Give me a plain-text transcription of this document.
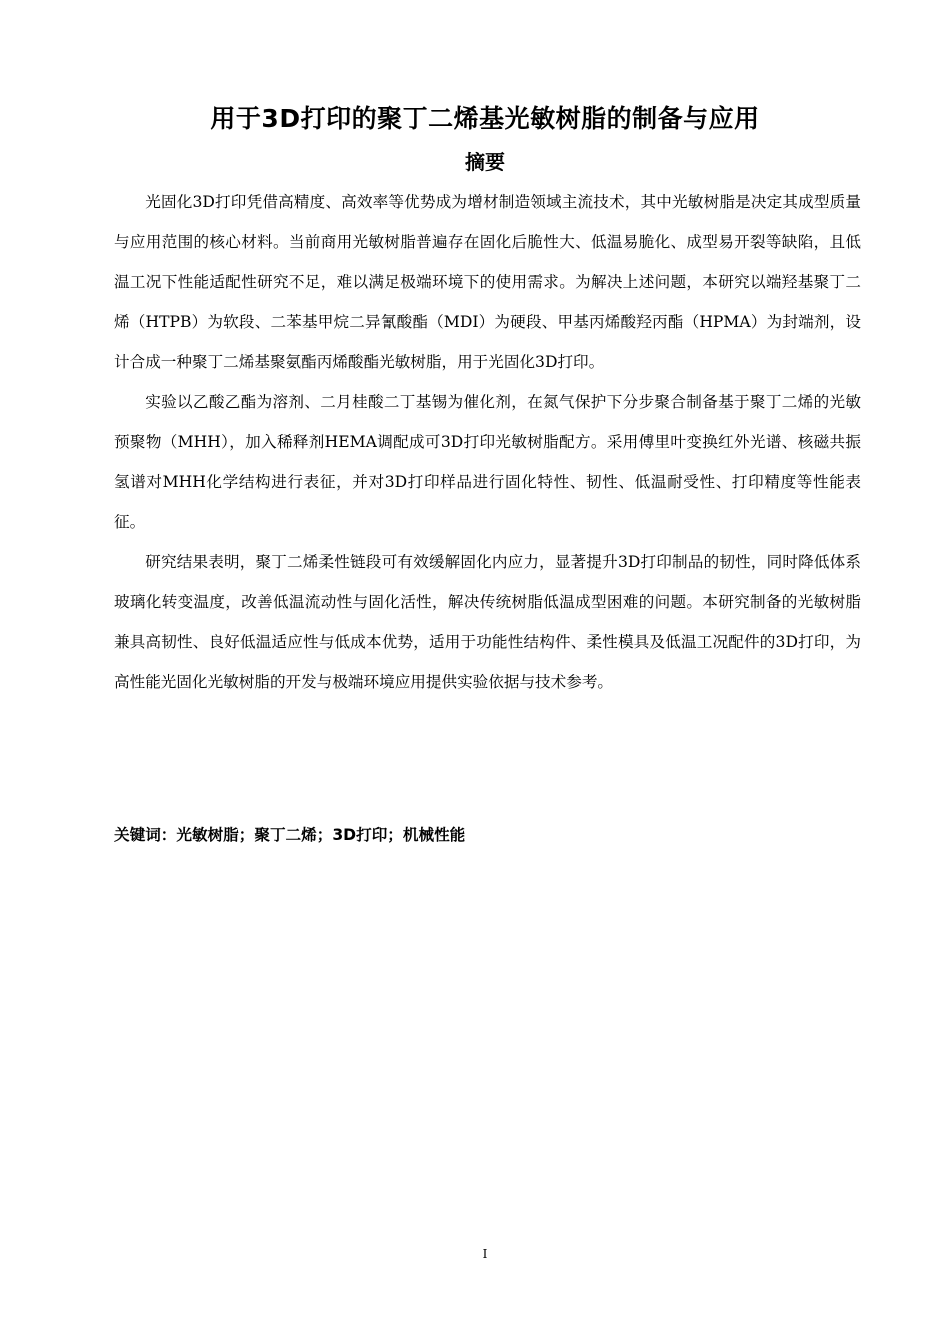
用于3D打印的聚丁二烯基光敏树脂的制备与应用
摘要

光固化3D打印凭借高精度、高效率等优势成为增材制造领域主流技术，其中光敏树脂是决定其成型质量与应用范围的核心材料。当前商用光敏树脂普遍存在固化后脆性大、低温易脆化、成型易开裂等缺陷，且低温工况下性能适配性研究不足，难以满足极端环境下的使用需求。为解决上述问题，本研究以端羟基聚丁二烯（HTPB）为软段、二苯基甲烷二异氰酸酯（MDI）为硬段、甲基丙烯酸羟丙酯（HPMA）为封端剂，设计合成一种聚丁二烯基聚氨酯丙烯酸酯光敏树脂，用于光固化3D打印。

实验以乙酸乙酯为溶剂、二月桂酸二丁基锡为催化剂，在氮气保护下分步聚合制备基于聚丁二烯的光敏预聚物（MHH），加入稀释剂HEMA调配成可3D打印光敏树脂配方。采用傅里叶变换红外光谱、核磁共振氢谱对MHH化学结构进行表征，并对3D打印样品进行固化特性、韧性、低温耐受性、打印精度等性能表征。

研究结果表明，聚丁二烯柔性链段可有效缓解固化内应力，显著提升3D打印制品的韧性，同时降低体系玻璃化转变温度，改善低温流动性与固化活性，解决传统树脂低温成型困难的问题。本研究制备的光敏树脂兼具高韧性、良好低温适应性与低成本优势，适用于功能性结构件、柔性模具及低温工况配件的3D打印，为高性能光固化光敏树脂的开发与极端环境应用提供实验依据与技术参考。

关键词：光敏树脂；聚丁二烯；3D打印；机械性能
I
